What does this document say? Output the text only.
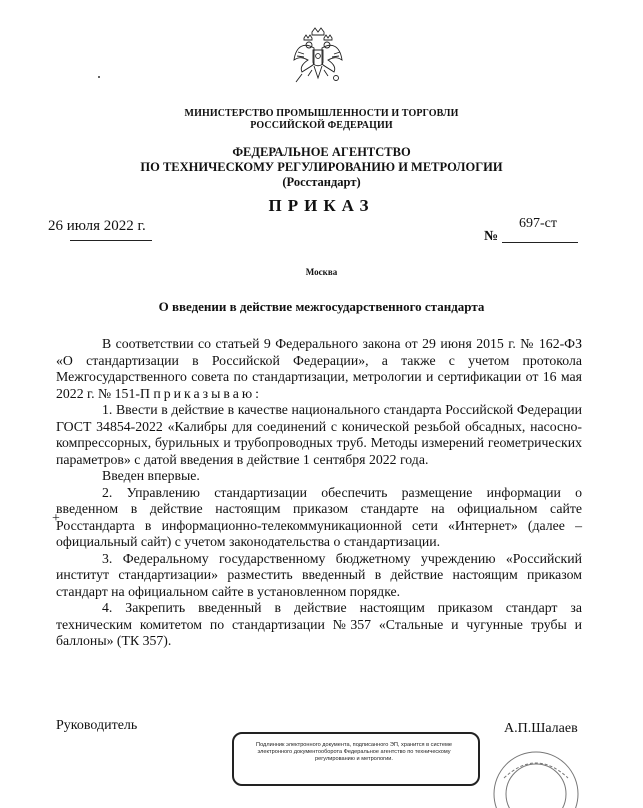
МИНИСТЕРСТВО ПРОМЫШЛЕННОСТИ И ТОРГОВЛИ
РОССИЙСКОЙ ФЕДЕРАЦИИ
ФЕДЕРАЛЬНОЕ АГЕНТСТВО
ПО ТЕХНИЧЕСКОМУ РЕГУЛИРОВАНИЮ И МЕТРОЛОГИИ
(Росстандарт)
ПРИКАЗ
26 июля 2022 г.	697-ст
№
Москва
О введении в действие межгосударственного стандарта

В соответствии со статьей 9 Федерального закона от 29 июня 2015 г. № 162-ФЗ «О стандартизации в Российской Федерации», а также с учетом протокола Межгосударственного совета по стандартизации, метрологии и сертификации от 16 мая 2022 г. № 151-П приказываю:

1. Ввести в действие в качестве национального стандарта Российской Федерации ГОСТ 34854-2022 «Калибры для соединений с конической резьбой обсадных, насосно-компрессорных, бурильных и трубопроводных труб. Методы измерений геометрических параметров» с датой введения в действие 1 сентября 2022 года.

Введен впервые.

2. Управлению стандартизации обеспечить размещение информации о введенном в действие настоящим приказом стандарте на официальном сайте Росстандарта в информационно-телекоммуникационной сети «Интернет» (далее – официальный сайт) с учетом законодательства о стандартизации.

3. Федеральному государственному бюджетному учреждению «Российский институт стандартизации» разместить введенный в действие настоящим приказом стандарт на официальном сайте в установленном порядке.

4. Закрепить введенный в действие настоящим приказом стандарт за техническим комитетом по стандартизации №357 «Стальные и чугунные трубы и баллоны» (ТК 357).

+
Руководитель	А.П.Шалаев
Подлинник электронного документа, подписанного ЭП, хранится в системе электронного документооборота Федеральное агентство по техническому регулированию и метрологии.
